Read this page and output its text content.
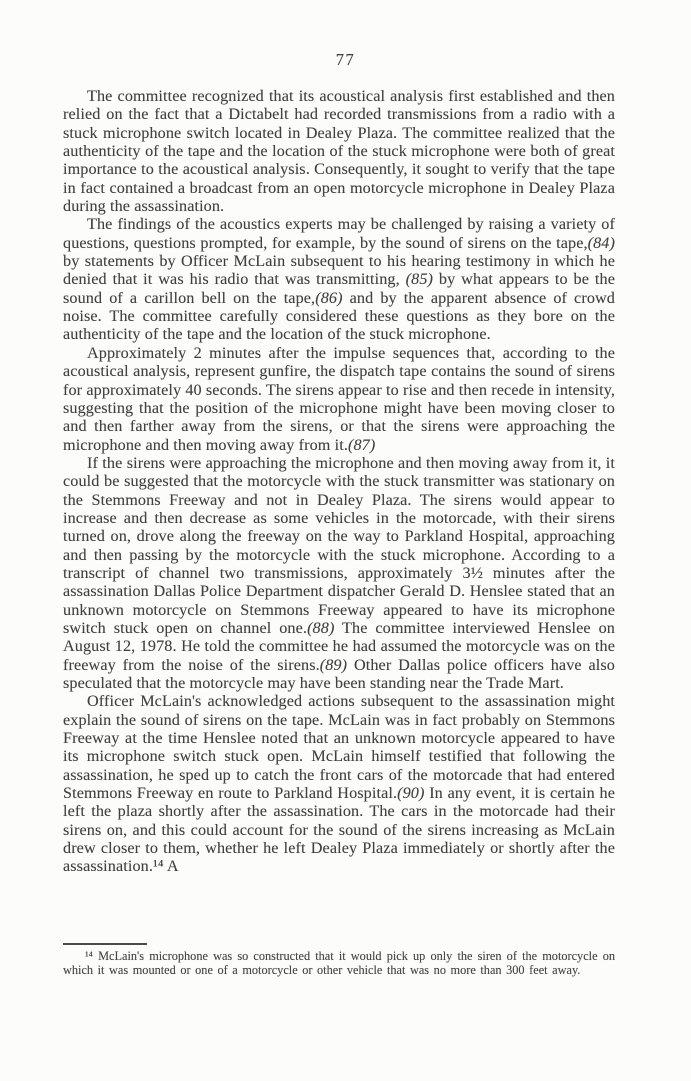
77

The committee recognized that its acoustical analysis first established and then relied on the fact that a Dictabelt had recorded transmissions from a radio with a stuck microphone switch located in Dealey Plaza. The committee realized that the authenticity of the tape and the location of the stuck microphone were both of great importance to the acoustical analysis. Consequently, it sought to verify that the tape in fact contained a broadcast from an open motorcycle microphone in Dealey Plaza during the assassination.

The findings of the acoustics experts may be challenged by raising a variety of questions, questions prompted, for example, by the sound of sirens on the tape,(84) by statements by Officer McLain subsequent to his hearing testimony in which he denied that it was his radio that was transmitting, (85) by what appears to be the sound of a carillon bell on the tape,(86) and by the apparent absence of crowd noise. The committee carefully considered these questions as they bore on the authenticity of the tape and the location of the stuck microphone.

Approximately 2 minutes after the impulse sequences that, according to the acoustical analysis, represent gunfire, the dispatch tape contains the sound of sirens for approximately 40 seconds. The sirens appear to rise and then recede in intensity, suggesting that the position of the microphone might have been moving closer to and then farther away from the sirens, or that the sirens were approaching the microphone and then moving away from it.(87)

If the sirens were approaching the microphone and then moving away from it, it could be suggested that the motorcycle with the stuck transmitter was stationary on the Stemmons Freeway and not in Dealey Plaza. The sirens would appear to increase and then decrease as some vehicles in the motorcade, with their sirens turned on, drove along the freeway on the way to Parkland Hospital, approaching and then passing by the motorcycle with the stuck microphone. According to a transcript of channel two transmissions, approximately 3½ minutes after the assassination Dallas Police Department dispatcher Gerald D. Henslee stated that an unknown motorcycle on Stemmons Freeway appeared to have its microphone switch stuck open on channel one.(88) The committee interviewed Henslee on August 12, 1978. He told the committee he had assumed the motorcycle was on the freeway from the noise of the sirens.(89) Other Dallas police officers have also speculated that the motorcycle may have been standing near the Trade Mart.

Officer McLain's acknowledged actions subsequent to the assassination might explain the sound of sirens on the tape. McLain was in fact probably on Stemmons Freeway at the time Henslee noted that an unknown motorcycle appeared to have its microphone switch stuck open. McLain himself testified that following the assassination, he sped up to catch the front cars of the motorcade that had entered Stemmons Freeway en route to Parkland Hospital.(90) In any event, it is certain he left the plaza shortly after the assassination. The cars in the motorcade had their sirens on, and this could account for the sound of the sirens increasing as McLain drew closer to them, whether he left Dealey Plaza immediately or shortly after the assassination.¹⁴ A

¹⁴ McLain's microphone was so constructed that it would pick up only the siren of the motorcycle on which it was mounted or one of a motorcycle or other vehicle that was no more than 300 feet away.
